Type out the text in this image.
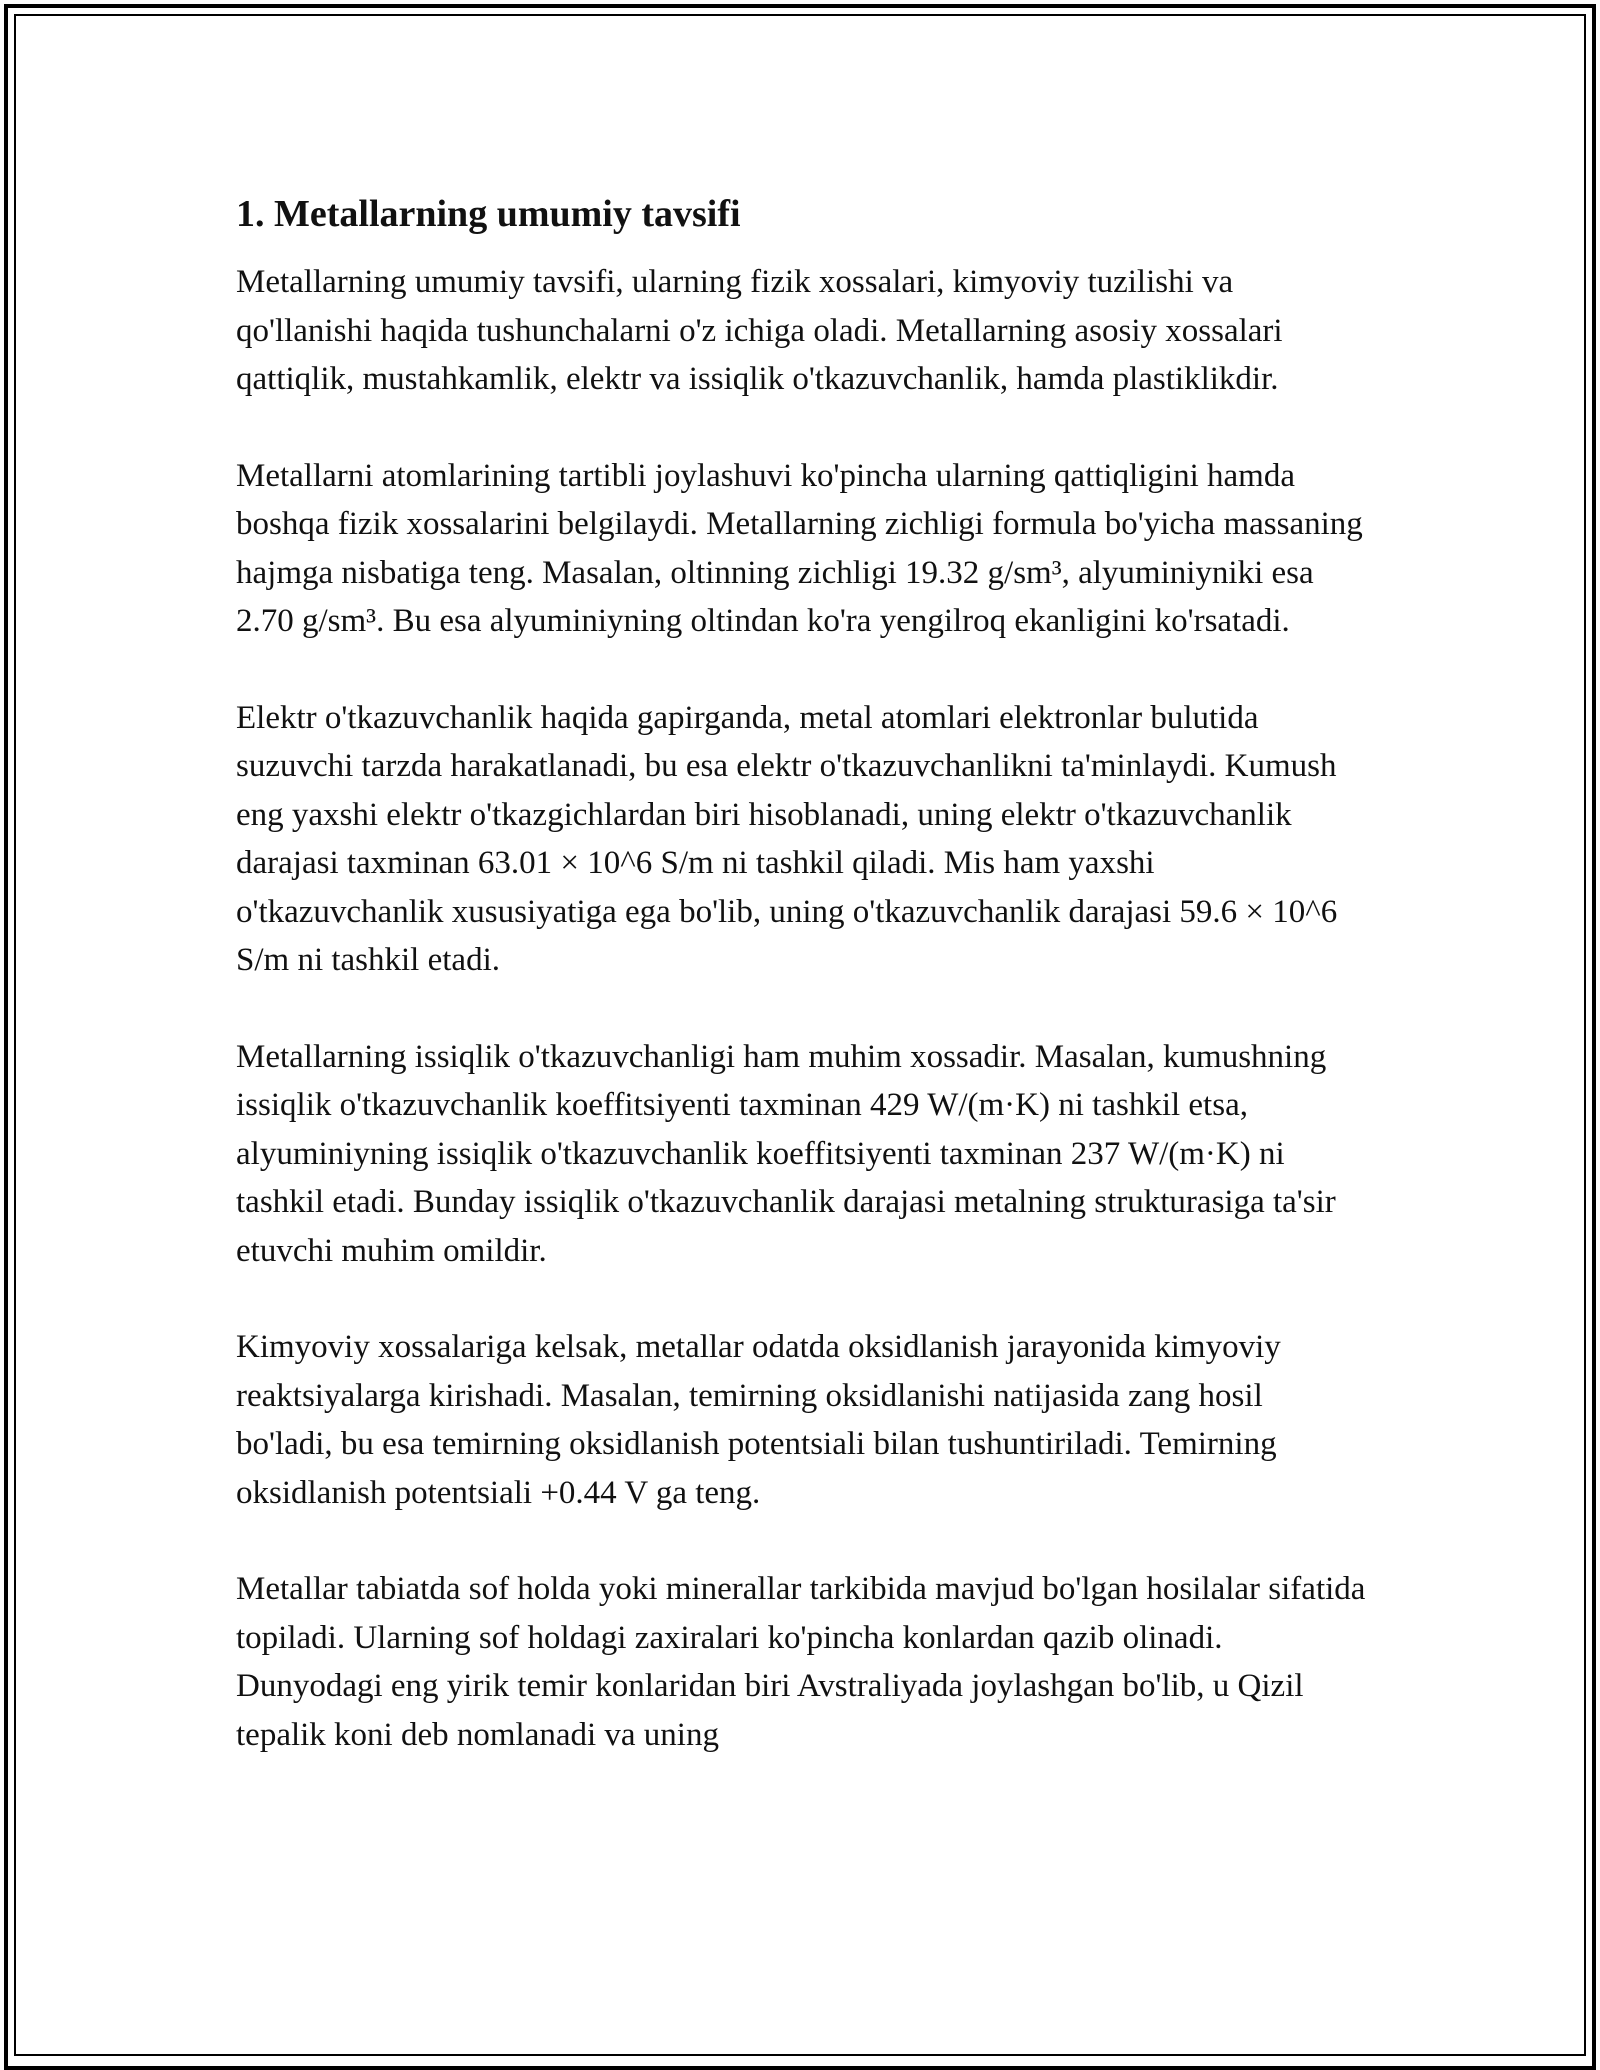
1. Metallarning umumiy tavsifi

Metallarning umumiy tavsifi, ularning fizik xossalari, kimyoviy tuzilishi va qo'llanishi haqida tushunchalarni o'z ichiga oladi. Metallarning asosiy xossalari qattiqlik, mustahkamlik, elektr va issiqlik o'tkazuvchanlik, hamda plastiklikdir.

Metallarni atomlarining tartibli joylashuvi ko'pincha ularning qattiqligini hamda boshqa fizik xossalarini belgilaydi. Metallarning zichligi formula bo'yicha massaning hajmga nisbatiga teng. Masalan, oltinning zichligi 19.32 g/sm³, alyuminiyniki esa 2.70 g/sm³. Bu esa alyuminiyning oltindan ko'ra yengilroq ekanligini ko'rsatadi.

Elektr o'tkazuvchanlik haqida gapirganda, metal atomlari elektronlar bulutida suzuvchi tarzda harakatlanadi, bu esa elektr o'tkazuvchanlikni ta'minlaydi. Kumush eng yaxshi elektr o'tkazgichlardan biri hisoblanadi, uning elektr o'tkazuvchanlik darajasi taxminan 63.01 × 10^6 S/m ni tashkil qiladi. Mis ham yaxshi o'tkazuvchanlik xususiyatiga ega bo'lib, uning o'tkazuvchanlik darajasi 59.6 × 10^6 S/m ni tashkil etadi.

Metallarning issiqlik o'tkazuvchanligi ham muhim xossadir. Masalan, kumushning issiqlik o'tkazuvchanlik koeffitsiyenti taxminan 429 W/(m·K) ni tashkil etsa, alyuminiyning issiqlik o'tkazuvchanlik koeffitsiyenti taxminan 237 W/(m·K) ni tashkil etadi. Bunday issiqlik o'tkazuvchanlik darajasi metalning strukturasiga ta'sir etuvchi muhim omildir.

Kimyoviy xossalariga kelsak, metallar odatda oksidlanish jarayonida kimyoviy reaktsiyalarga kirishadi. Masalan, temirning oksidlanishi natijasida zang hosil bo'ladi, bu esa temirning oksidlanish potentsiali bilan tushuntiriladi. Temirning oksidlanish potentsiali +0.44 V ga teng.

Metallar tabiatda sof holda yoki minerallar tarkibida mavjud bo'lgan hosilalar sifatida topiladi. Ularning sof holdagi zaxiralari ko'pincha konlardan qazib olinadi. Dunyodagi eng yirik temir konlaridan biri Avstraliyada joylashgan bo'lib, u Qizil tepalik koni deb nomlanadi va uning
